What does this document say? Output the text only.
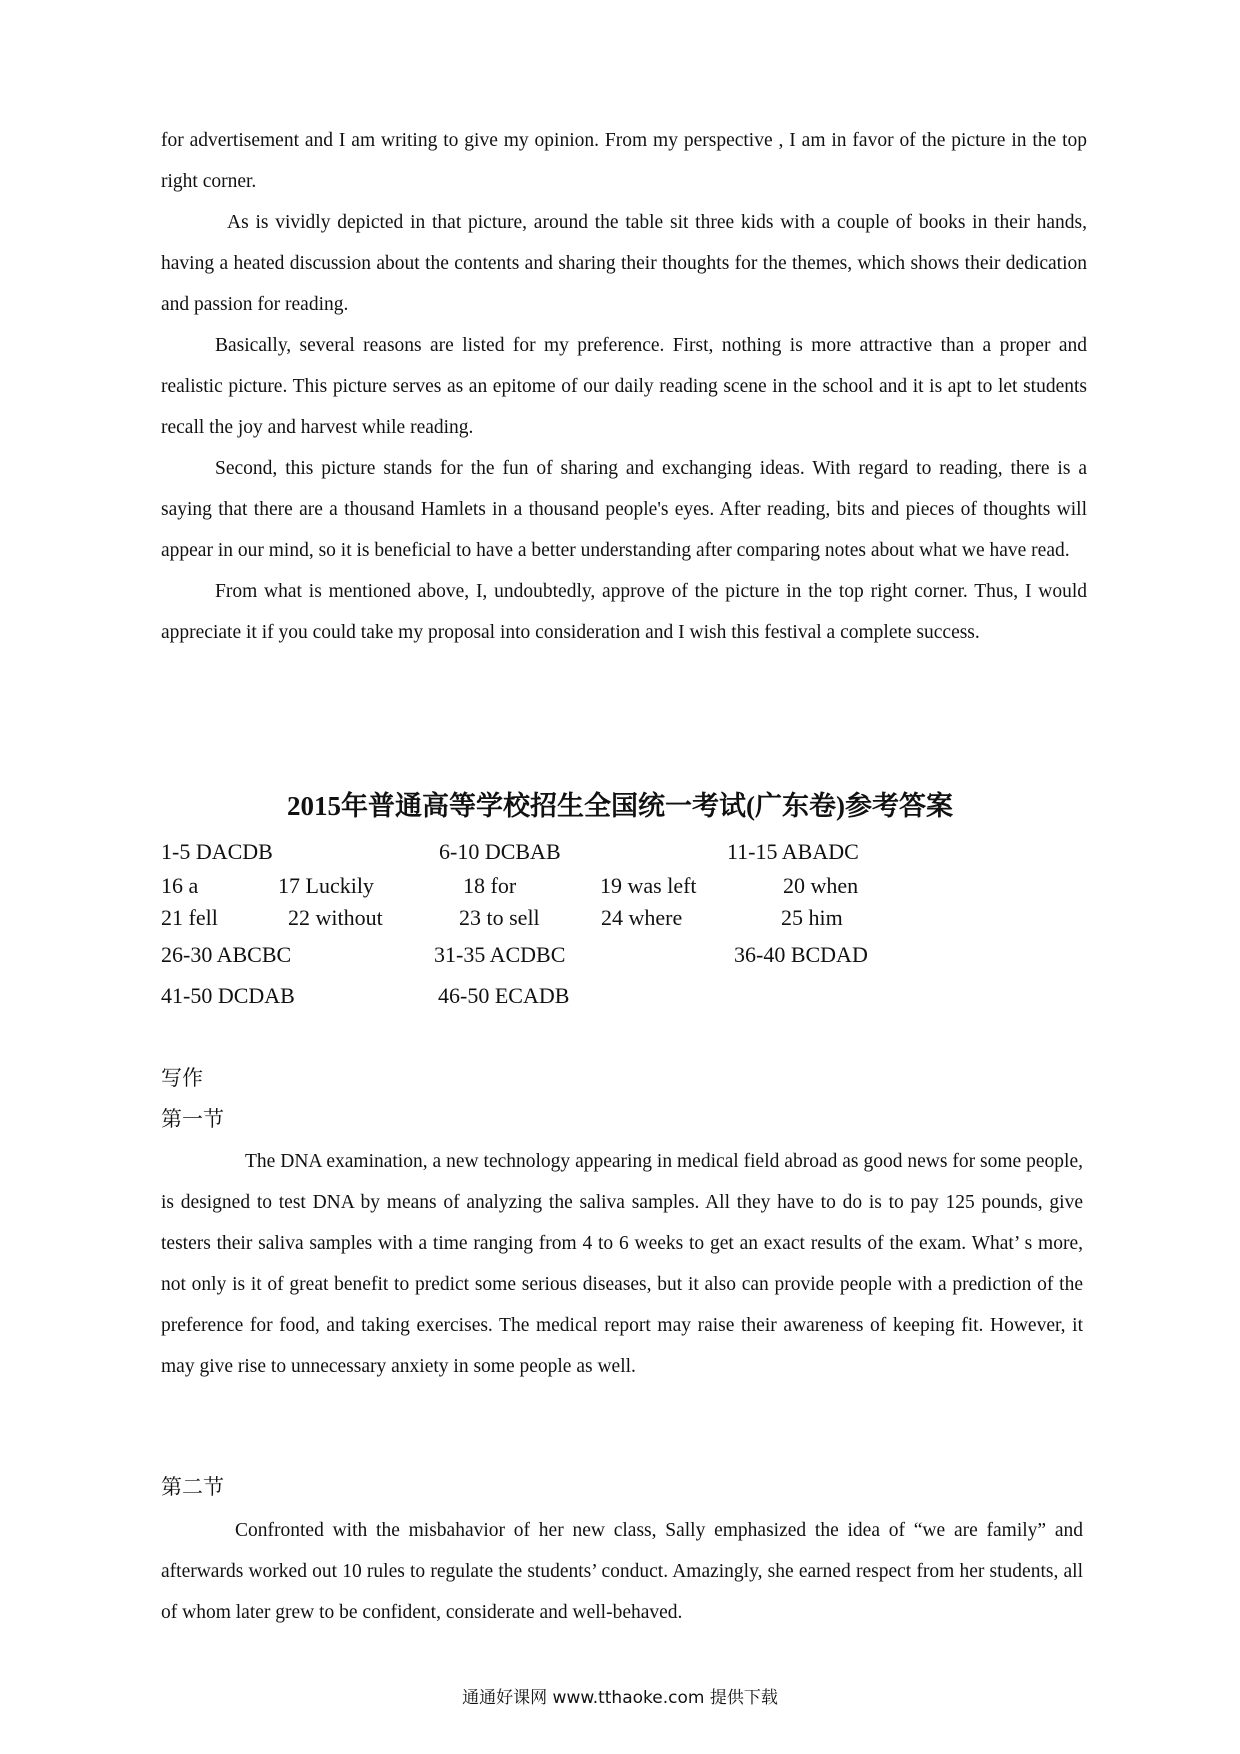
for advertisement and I am writing to give my opinion. From my perspective , I am in favor of the picture in the top right corner.

As is vividly depicted in that picture, around the table sit three kids with a couple of books in their hands, having a heated discussion about the contents and sharing their thoughts for the themes, which shows their dedication and passion for reading.

Basically, several reasons are listed for my preference. First, nothing is more attractive than a proper and realistic picture. This picture serves as an epitome of our daily reading scene in the school and it is apt to let students recall the joy and harvest while reading.

Second, this picture stands for the fun of sharing and exchanging ideas. With regard to reading, there is a saying that there are a thousand Hamlets in a thousand people's eyes. After reading, bits and pieces of thoughts will appear in our mind, so it is beneficial to have a better understanding after comparing notes about what we have read.

From what is mentioned above, I, undoubtedly, approve of the picture in the top right corner. Thus, I would appreciate it if you could take my proposal into consideration and I wish this festival a complete success.

2015年普通高等学校招生全国统一考试(广东卷)参考答案
1-5 DACDB	6-10 DCBAB	11-15 ABADC
16 a	17 Luckily	18 for	19 was left	20 when
21 fell	22 without	23 to sell	24 where	25 him
26-30 ABCBC	31-35 ACDBC	36-40 BCDAD
41-50 DCDAB	46-50 ECADB
写作
第一节

The DNA examination, a new technology appearing in medical field abroad as good news for some people, is designed to test DNA by means of analyzing the saliva samples. All they have to do is to pay 125 pounds, give testers their saliva samples with a time ranging from 4 to 6 weeks to get an exact results of the exam. What’ s more, not only is it of great benefit to predict some serious diseases, but it also can provide people with a prediction of the preference for food, and taking exercises. The medical report may raise their awareness of keeping fit. However, it may give rise to unnecessary anxiety in some people as well.

第二节

Confronted with the misbahavior of her new class, Sally emphasized the idea of “we are family” and afterwards worked out 10 rules to regulate the students’ conduct. Amazingly, she earned respect from her students, all of whom later grew to be confident, considerate and well-behaved.

通通好课网 www.tthaoke.com 提供下载
